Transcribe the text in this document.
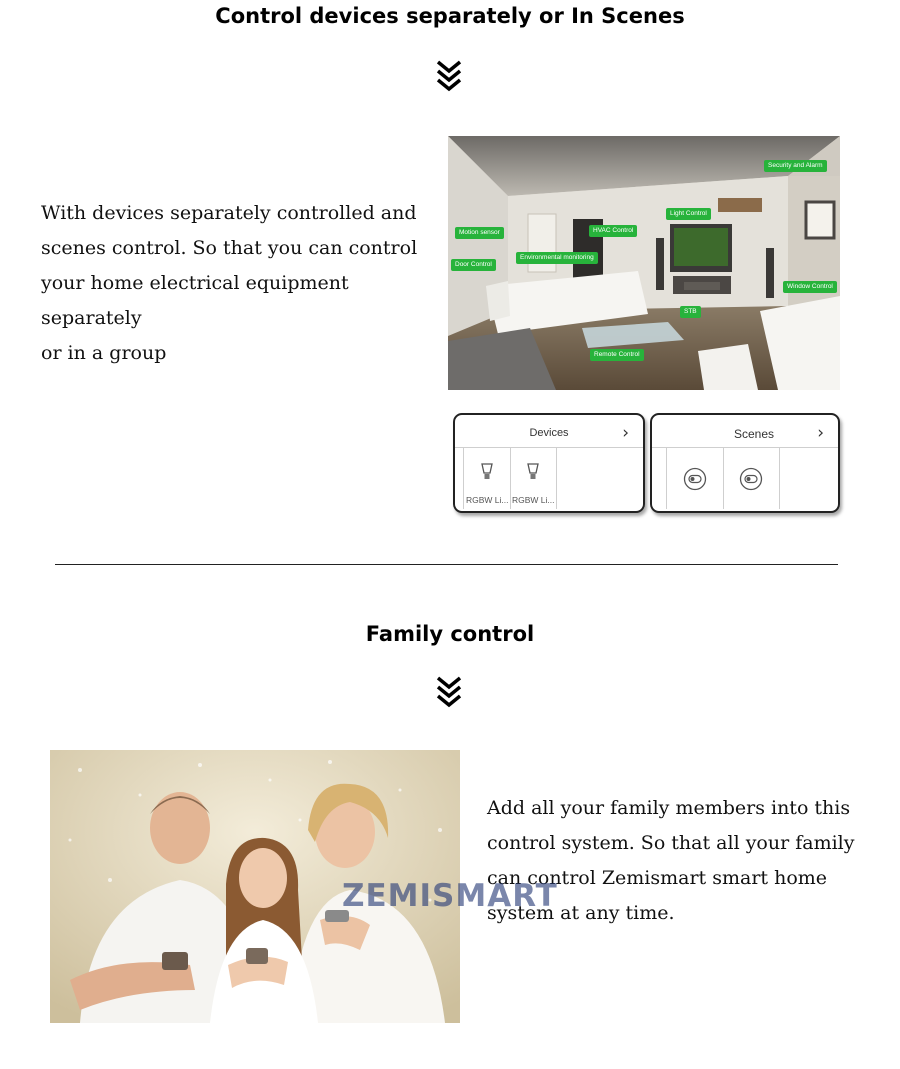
Control devices separately or In Scenes
With devices separately controlled and
scenes control. So that you can control
your home electrical equipment separately
or in a group
Security and Alarm
Light Control
Motion sensor	HVAC Control
Door Control
Environmental monitoring
Window Control
STB
Remote Control
Devices	›
RGBW Li... RGBW Li...
Scenes	›
Family control
Add all your family members into this
control system. So that all your family
can control Zemismart smart home
system at any time.
ZEMISMART
